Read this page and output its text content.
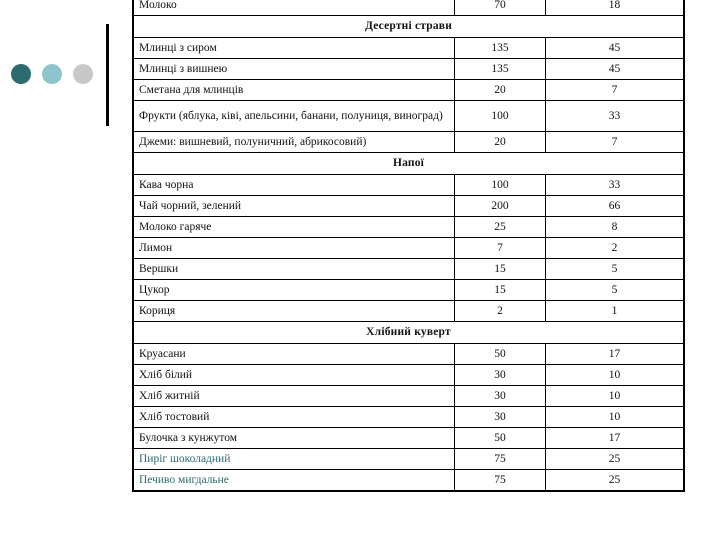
Молоко	70	18
Десертні страви		
Млинці з сиром	135	45
Млинці з вишнею	135	45
Сметана для млинців	20	7
Фрукти (яблука, ківі, апельсини, банани, полуниця, виноград)	100	33
Джеми: вишневий, полуничний, абрикосовий)	20	7
Напої		
Кава чорна	100	33
Чай чорний, зелений	200	66
Молоко гаряче	25	8
Лимон	7	2
Вершки	15	5
Цукор	15	5
Кориця	2	1
Хлібний куверт		
Круасани	50	17
Хліб білий	30	10
Хліб житній	30	10
Хліб тостовий	30	10
Булочка з кунжутом	50	17
Пиріг шоколадний	75	25
Печиво мигдальне	75	25
